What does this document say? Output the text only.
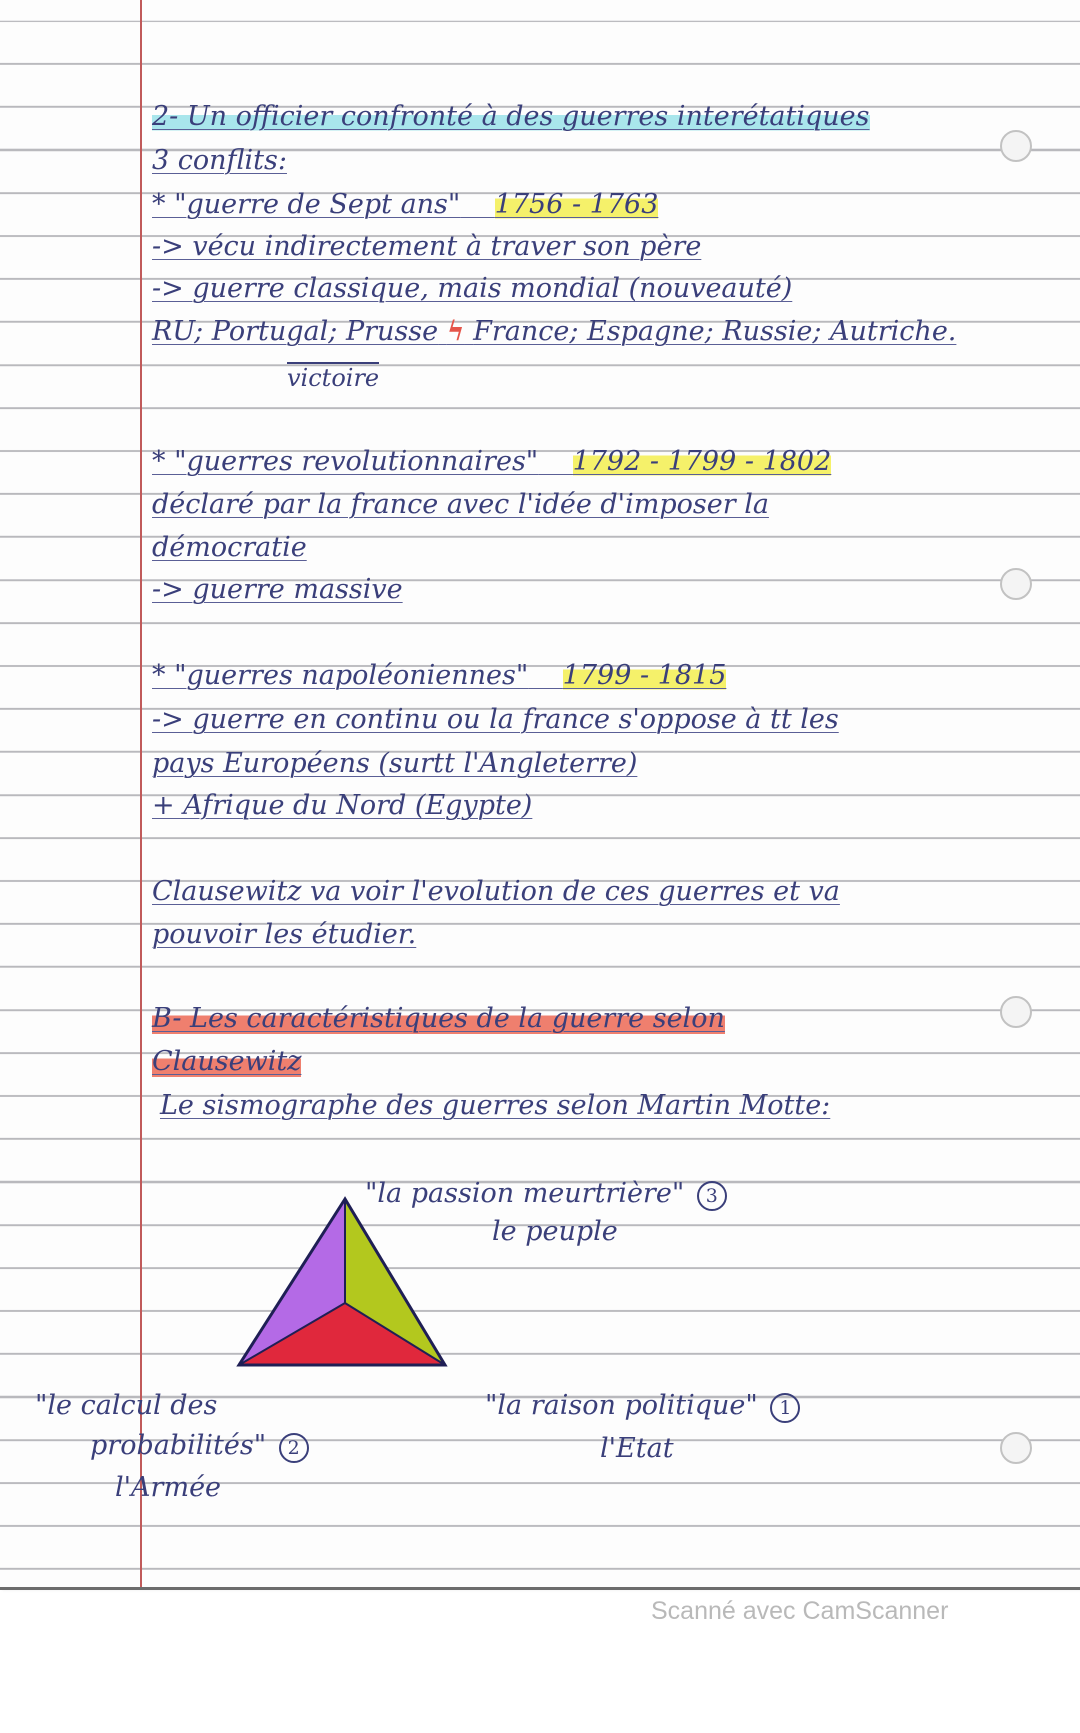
2- Un officier confronté à des guerres interétatiques
3 conflits:
* "guerre de Sept ans" 1756 - 1763
-> vécu indirectement à traver son père
-> guerre classique, mais mondial (nouveauté)
RU; Portugal; Prusse ϟ France; Espagne; Russie; Autriche.
victoire
* "guerres revolutionnaires" 1792 - 1799 - 1802
déclaré par la france avec l'idée d'imposer la
démocratie
-> guerre massive
* "guerres napoléoniennes" 1799 - 1815
-> guerre en continu ou la france s'oppose à tt les
pays Européens (surtt l'Angleterre)
+ Afrique du Nord (Egypte)
Clausewitz va voir l'evolution de ces guerres et va
pouvoir les étudier.
B- Les caractéristiques de la guerre selon
Clausewitz
Le sismographe des guerres selon Martin Motte:
"la passion meurtrière" 3
le peuple
"le calcul des
probabilités" 2
l'Armée
"la raison politique" 1
l'Etat
Scanné avec CamScanner
